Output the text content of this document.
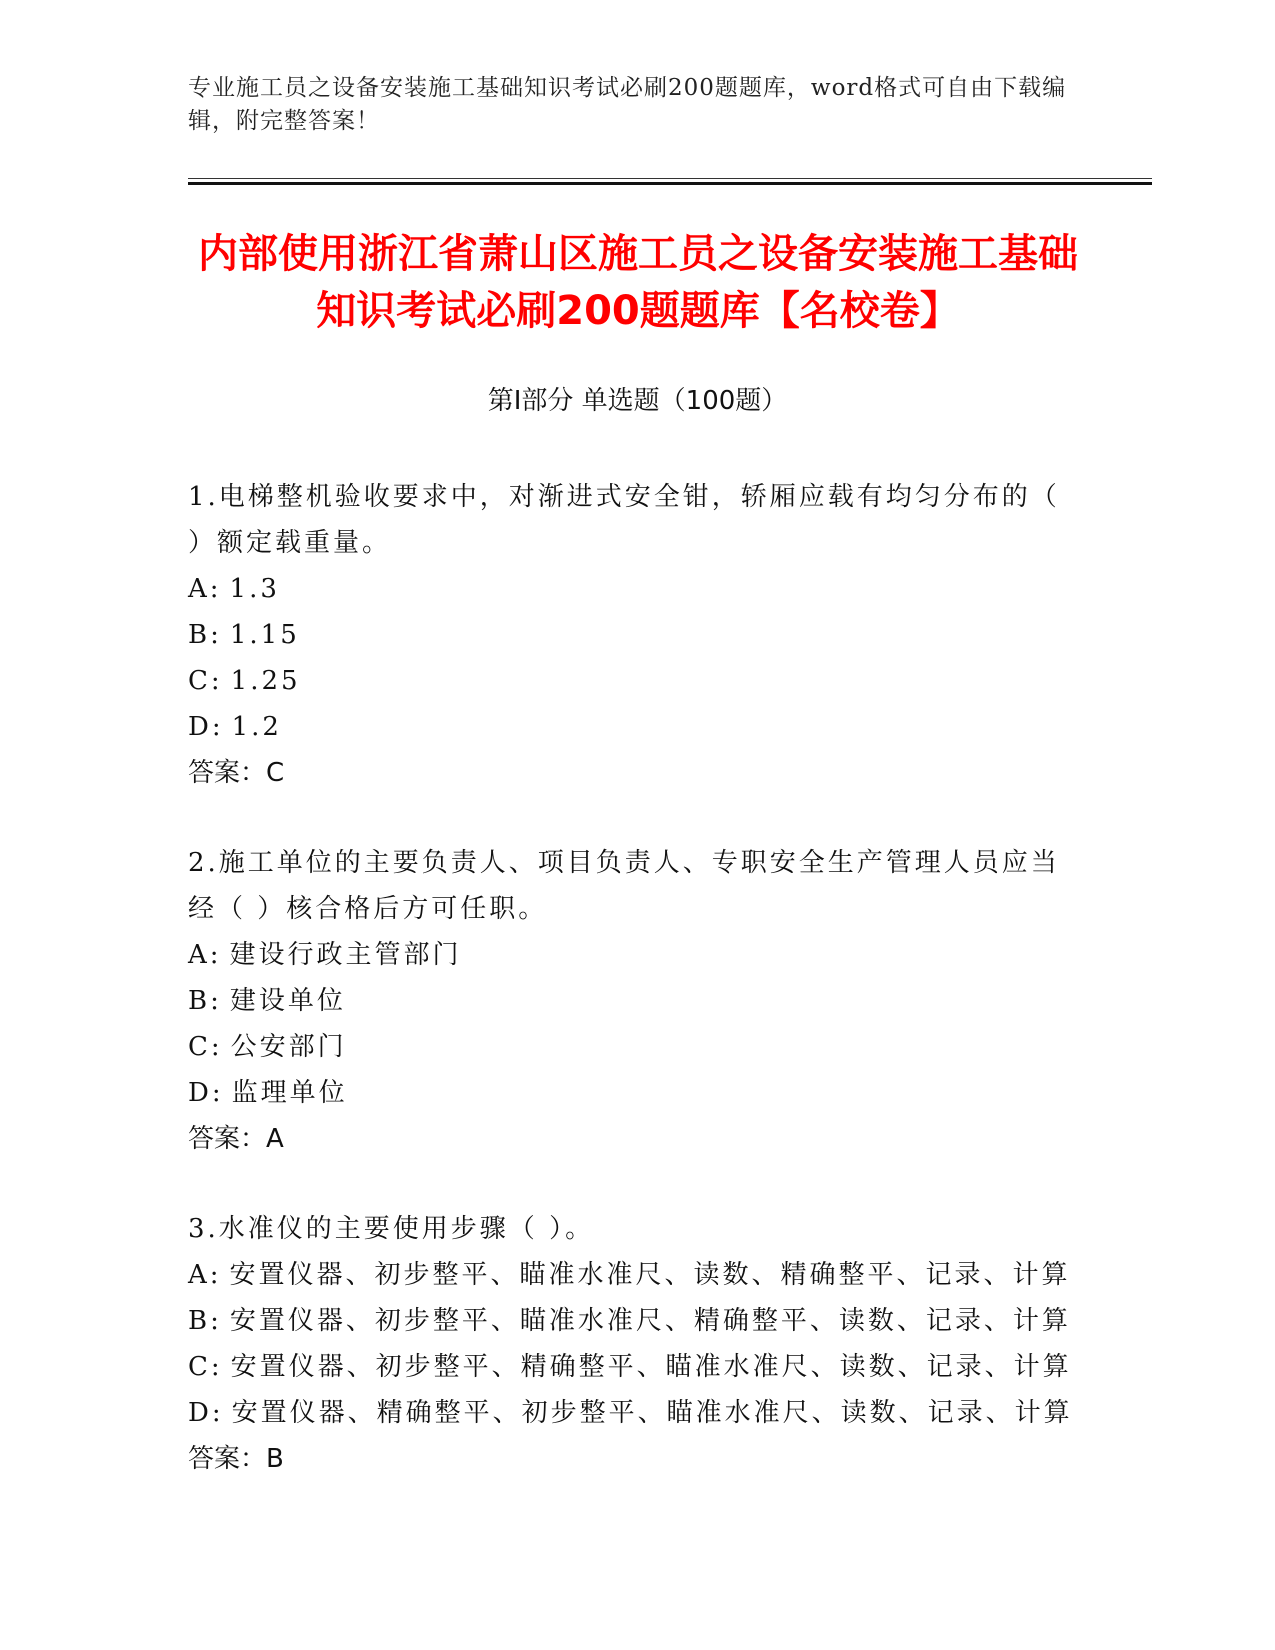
专业施工员之设备安装施工基础知识考试必刷200题题库，word格式可自由下载编辑，附完整答案！
内部使用浙江省萧山区施工员之设备安装施工基础知识考试必刷200题题库【名校卷】
第Ⅰ部分 单选题（100题）
1.电梯整机验收要求中，对渐进式安全钳，轿厢应载有均匀分布的（ ）额定载重量。
A: 1.3
B: 1.15
C: 1.25
D: 1.2
答案：C
2.施工单位的主要负责人、项目负责人、专职安全生产管理人员应当经（ ）核合格后方可任职。
A: 建设行政主管部门
B: 建设单位
C: 公安部门
D: 监理单位
答案：A
3.水准仪的主要使用步骤（ ）。
A: 安置仪器、初步整平、瞄准水准尺、读数、精确整平、记录、计算
B: 安置仪器、初步整平、瞄准水准尺、精确整平、读数、记录、计算
C: 安置仪器、初步整平、精确整平、瞄准水准尺、读数、记录、计算
D: 安置仪器、精确整平、初步整平、瞄准水准尺、读数、记录、计算
答案：B
